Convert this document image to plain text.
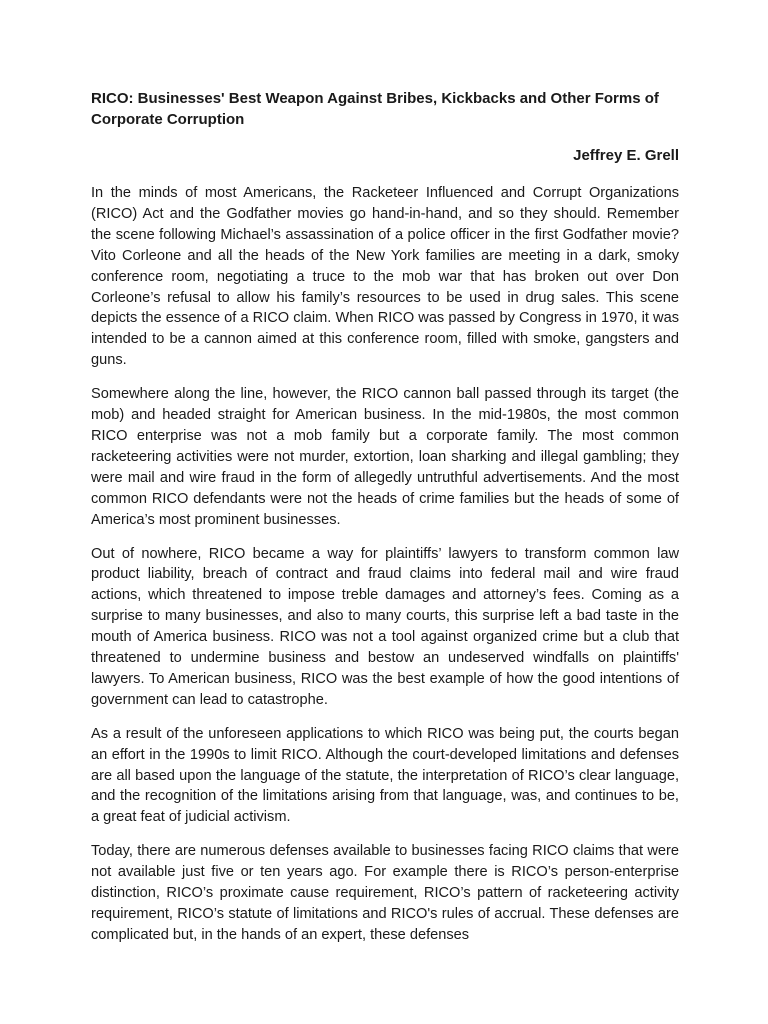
RICO: Businesses' Best Weapon Against Bribes, Kickbacks and Other Forms of Corporate Corruption

Jeffrey E. Grell

In the minds of most Americans, the Racketeer Influenced and Corrupt Organizations (RICO) Act and the Godfather movies go hand-in-hand, and so they should. Remember the scene following Michael’s assassination of a police officer in the first Godfather movie? Vito Corleone and all the heads of the New York families are meeting in a dark, smoky conference room, negotiating a truce to the mob war that has broken out over Don Corleone’s refusal to allow his family’s resources to be used in drug sales. This scene depicts the essence of a RICO claim. When RICO was passed by Congress in 1970, it was intended to be a cannon aimed at this conference room, filled with smoke, gangsters and guns.

Somewhere along the line, however, the RICO cannon ball passed through its target (the mob) and headed straight for American business. In the mid-1980s, the most common RICO enterprise was not a mob family but a corporate family. The most common racketeering activities were not murder, extortion, loan sharking and illegal gambling; they were mail and wire fraud in the form of allegedly untruthful advertisements. And the most common RICO defendants were not the heads of crime families but the heads of some of America’s most prominent businesses.

Out of nowhere, RICO became a way for plaintiffs’ lawyers to transform common law product liability, breach of contract and fraud claims into federal mail and wire fraud actions, which threatened to impose treble damages and attorney’s fees. Coming as a surprise to many businesses, and also to many courts, this surprise left a bad taste in the mouth of America business. RICO was not a tool against organized crime but a club that threatened to undermine business and bestow an undeserved windfalls on plaintiffs' lawyers. To American business, RICO was the best example of how the good intentions of government can lead to catastrophe.

As a result of the unforeseen applications to which RICO was being put, the courts began an effort in the 1990s to limit RICO. Although the court-developed limitations and defenses are all based upon the language of the statute, the interpretation of RICO’s clear language, and the recognition of the limitations arising from that language, was, and continues to be, a great feat of judicial activism.

Today, there are numerous defenses available to businesses facing RICO claims that were not available just five or ten years ago. For example there is RICO’s person-enterprise distinction, RICO’s proximate cause requirement, RICO’s pattern of racketeering activity requirement, RICO’s statute of limitations and RICO's rules of accrual. These defenses are complicated but, in the hands of an expert, these defenses
